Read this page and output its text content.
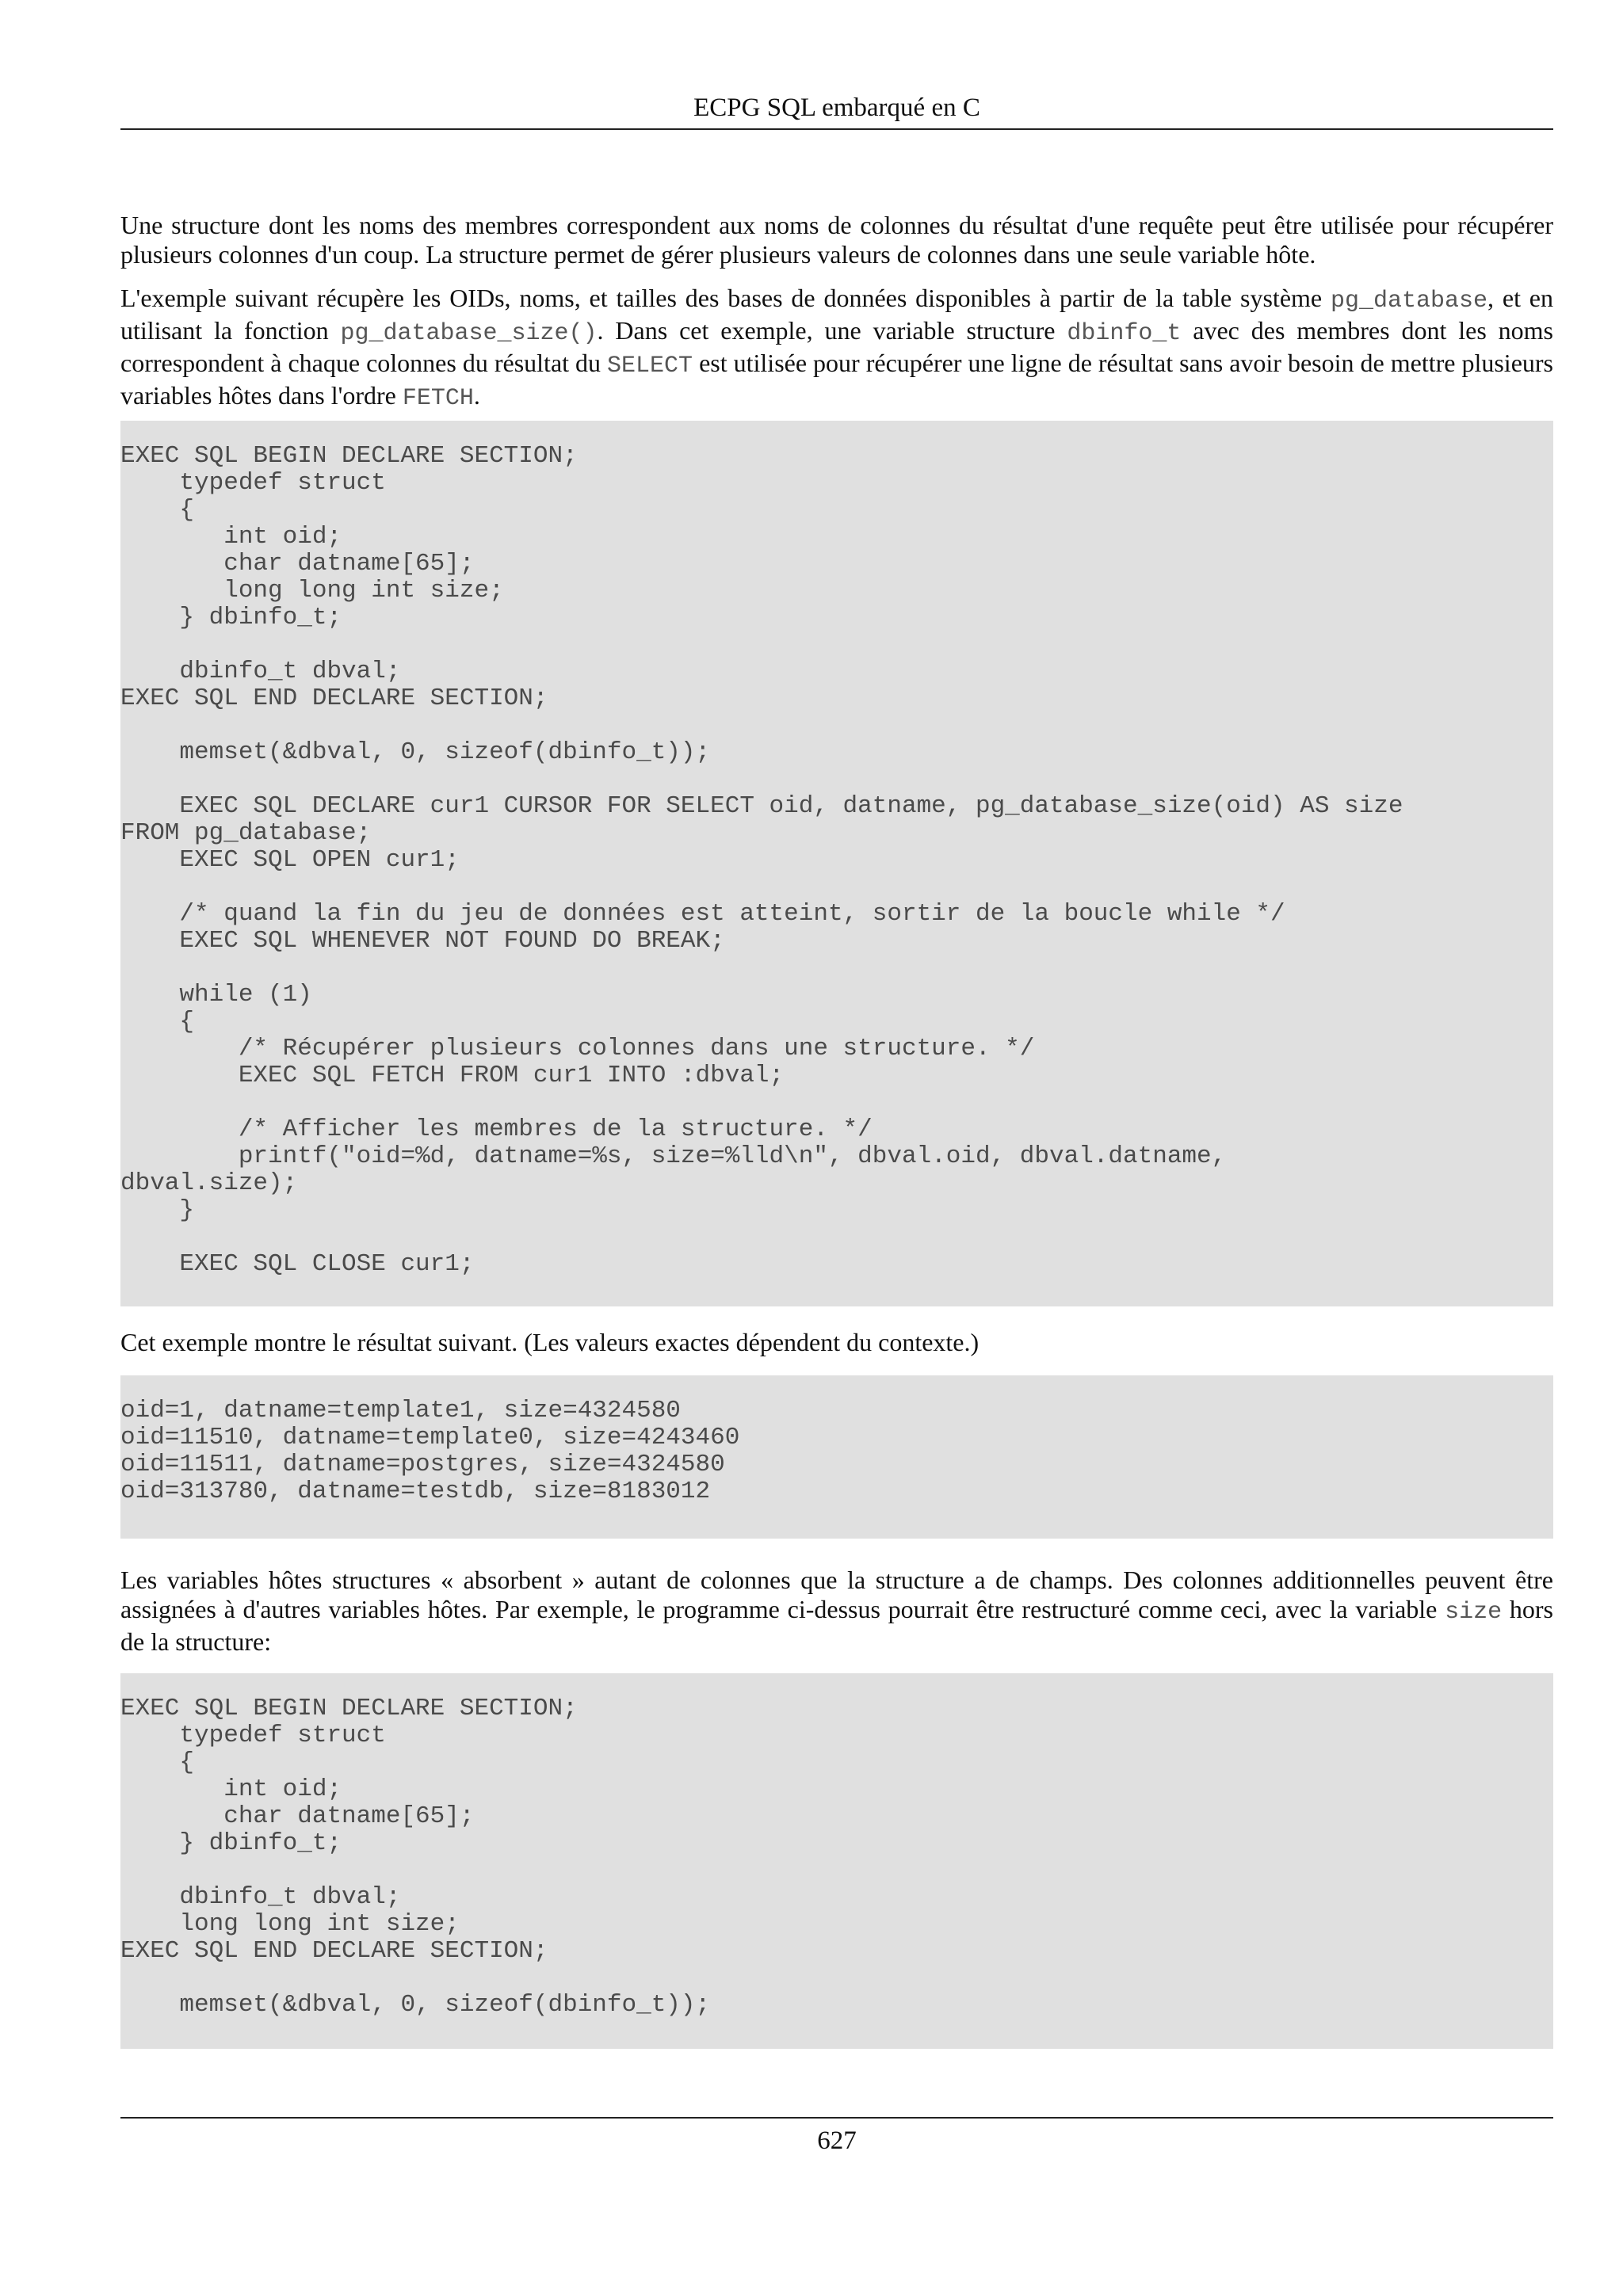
ECPG SQL embarqué en C

Une structure dont les noms des membres correspondent aux noms de colonnes du résultat d'une requête peut être utilisée pour récupérer plusieurs colonnes d'un coup. La structure permet de gérer plusieurs valeurs de colonnes dans une seule variable hôte.

L'exemple suivant récupère les OIDs, noms, et tailles des bases de données disponibles à partir de la table système pg_database, et en utilisant la fonction pg_database_size(). Dans cet exemple, une variable structure dbinfo_t avec des membres dont les noms correspondent à chaque colonnes du résultat du SELECT est utilisée pour récupérer une ligne de résultat sans avoir besoin de mettre plusieurs variables hôtes dans l'ordre FETCH.

EXEC SQL BEGIN DECLARE SECTION;
typedef struct
{
int oid;
char datname[65];
long long int size;
} dbinfo_t;

dbinfo_t dbval;
EXEC SQL END DECLARE SECTION;

memset(&dbval, 0, sizeof(dbinfo_t));

EXEC SQL DECLARE cur1 CURSOR FOR SELECT oid, datname, pg_database_size(oid) AS size
FROM pg_database;
EXEC SQL OPEN cur1;

/* quand la fin du jeu de données est atteint, sortir de la boucle while */
EXEC SQL WHENEVER NOT FOUND DO BREAK;

while (1)
{
/* Récupérer plusieurs colonnes dans une structure. */
EXEC SQL FETCH FROM cur1 INTO :dbval;

/* Afficher les membres de la structure. */
printf("oid=%d, datname=%s, size=%lld\n", dbval.oid, dbval.datname,
dbval.size);
}

EXEC SQL CLOSE cur1;

Cet exemple montre le résultat suivant. (Les valeurs exactes dépendent du contexte.)

oid=1, datname=template1, size=4324580
oid=11510, datname=template0, size=4243460
oid=11511, datname=postgres, size=4324580
oid=313780, datname=testdb, size=8183012

Les variables hôtes structures « absorbent » autant de colonnes que la structure a de champs. Des colonnes additionnelles peuvent être assignées à d'autres variables hôtes. Par exemple, le programme ci-dessus pourrait être restructuré comme ceci, avec la variable size hors de la structure:

EXEC SQL BEGIN DECLARE SECTION;
typedef struct
{
int oid;
char datname[65];
} dbinfo_t;

dbinfo_t dbval;
long long int size;
EXEC SQL END DECLARE SECTION;

memset(&dbval, 0, sizeof(dbinfo_t));
627
